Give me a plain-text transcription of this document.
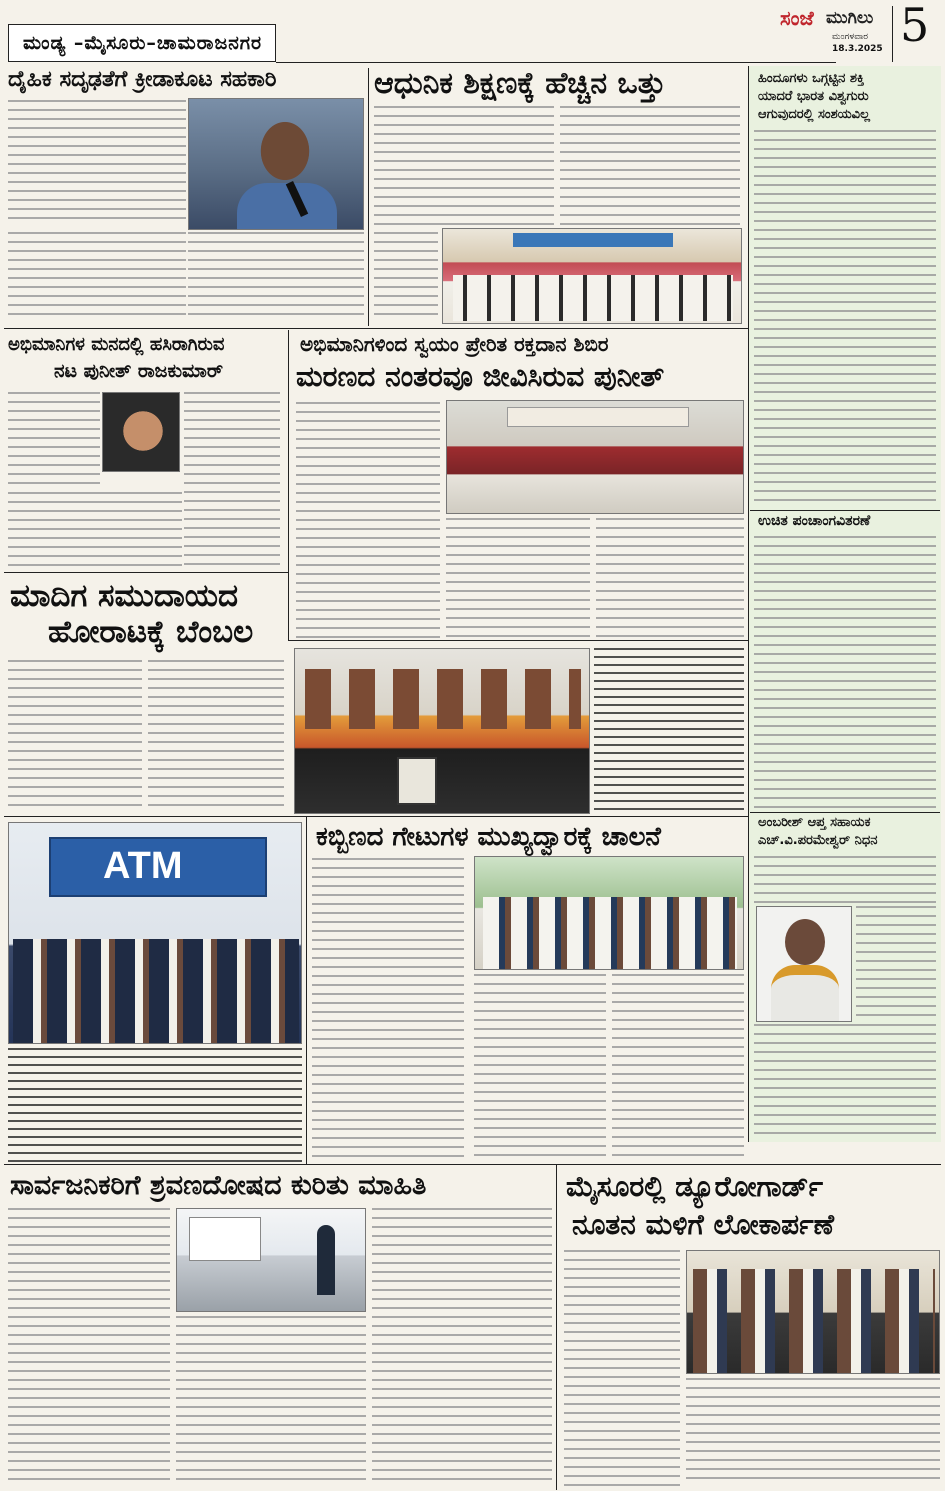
ಮಂಡ್ಯ –ಮೈಸೂರು–ಚಾಮರಾಜನಗರ
ಸಂಜೆ ಮುಗಿಲು
ಮಂಗಳವಾರ
18.3.2025 5
ದೈಹಿಕ ಸದೃಢತೆಗೆ ಕ್ರೀಡಾಕೂಟ ಸಹಕಾರಿ	ಆಧುನಿಕ ಶಿಕ್ಷಣಕ್ಕೆ ಹೆಚ್ಚಿನ ಒತ್ತು	ಹಿಂದೂಗಳು ಒಗ್ಗಟ್ಟಿನ ಶಕ್ತಿ
ಯಾದರೆ ಭಾರತ ವಿಶ್ವಗುರು
ಆಗುವುದರಲ್ಲಿ ಸಂಶಯವಿಲ್ಲ
ಉಚಿತ ಪಂಚಾಂಗವಿತರಣೆ
ಅಂಬರೀಶ್ ಆಪ್ತ ಸಹಾಯಕ
ಎಚ್.ವಿ.ಪರಮೇಶ್ವರ್ ನಿಧನ
ಅಭಿಮಾನಿಗಳ ಮನದಲ್ಲಿ ಹಸಿರಾಗಿರುವ
ನಟ ಪುನೀತ್ ರಾಜಕುಮಾರ್
ಅಭಿಮಾನಿಗಳಿಂದ ಸ್ವಯಂ ಪ್ರೇರಿತ ರಕ್ತದಾನ ಶಿಬಿರ
ಮರಣದ ನಂತರವೂ ಜೀವಿಸಿರುವ ಪುನೀತ್
ಮಾದಿಗ ಸಮುದಾಯದ
ಹೋರಾಟಕ್ಕೆ ಬೆಂಬಲ
ATM
ಕಬ್ಬಿಣದ ಗೇಟುಗಳ ಮುಖ್ಯದ್ವಾರಕ್ಕೆ ಚಾಲನೆ
ಸಾರ್ವಜನಿಕರಿಗೆ ಶ್ರವಣದೋಷದ ಕುರಿತು ಮಾಹಿತಿ	ಮೈಸೂರಲ್ಲಿ ಡ್ಯೂರೋಗಾರ್ಡ್
ನೂತನ ಮಳಿಗೆ ಲೋಕಾರ್ಪಣೆ
